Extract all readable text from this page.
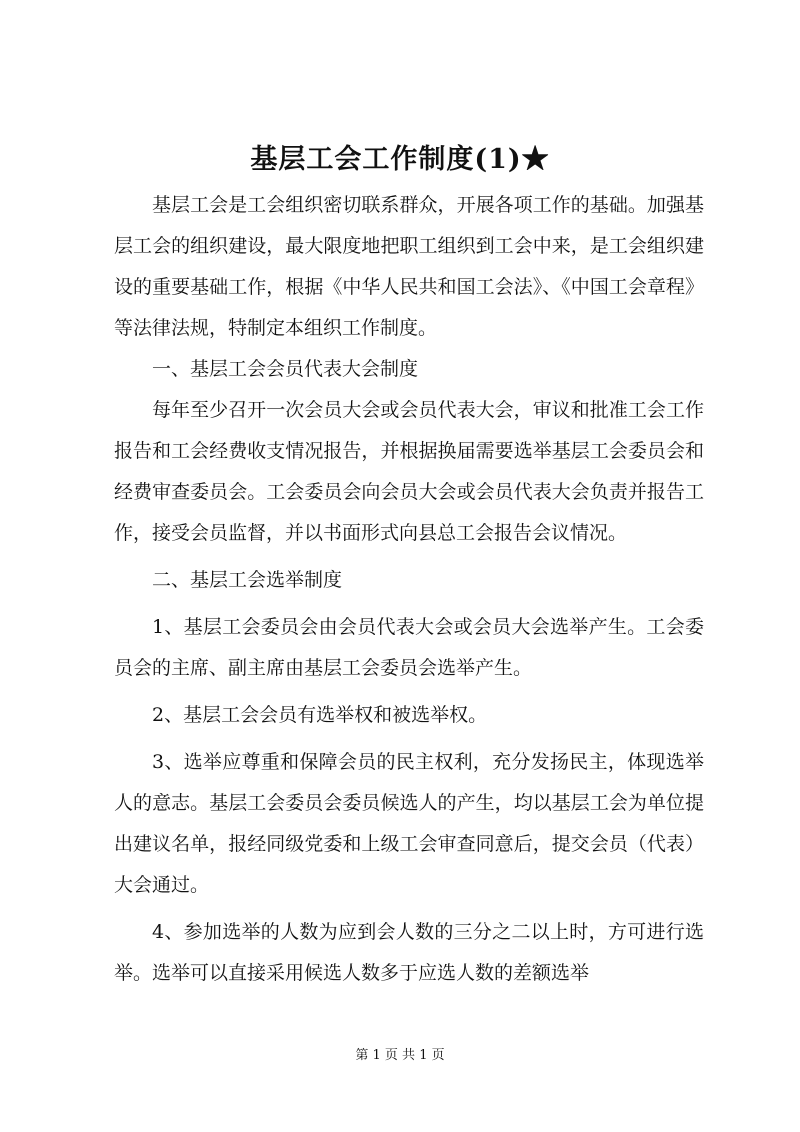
基层工会工作制度(1)★

基层工会是工会组织密切联系群众，开展各项工作的基础。加强基层工会的组织建设，最大限度地把职工组织到工会中来，是工会组织建设的重要基础工作，根据《中华人民共和国工会法》、《中国工会章程》等法律法规，特制定本组织工作制度。

一、基层工会会员代表大会制度

每年至少召开一次会员大会或会员代表大会，审议和批准工会工作报告和工会经费收支情况报告，并根据换届需要选举基层工会委员会和经费审查委员会。工会委员会向会员大会或会员代表大会负责并报告工作，接受会员监督，并以书面形式向县总工会报告会议情况。

二、基层工会选举制度

1、基层工会委员会由会员代表大会或会员大会选举产生。工会委员会的主席、副主席由基层工会委员会选举产生。

2、基层工会会员有选举权和被选举权。

3、选举应尊重和保障会员的民主权利，充分发扬民主，体现选举人的意志。基层工会委员会委员候选人的产生，均以基层工会为单位提出建议名单，报经同级党委和上级工会审查同意后，提交会员（代表）大会通过。

4、参加选举的人数为应到会人数的三分之二以上时，方可进行选举。选举可以直接采用候选人数多于应选人数的差额选举

第 1 页 共 1 页
